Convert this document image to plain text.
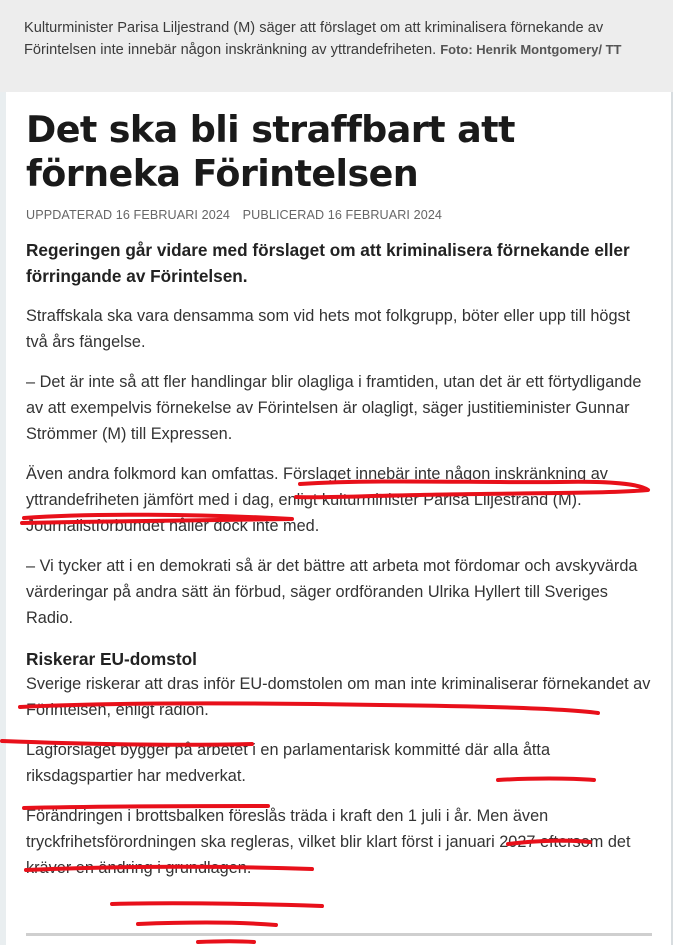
Kulturminister Parisa Liljestrand (M) säger att förslaget om att kriminalisera förnekande av Förintelsen inte innebär någon inskränkning av yttrandefriheten. Foto: Henrik Montgomery/ TT
Det ska bli straffbart att förneka Förintelsen
UPPDATERAD 16 FEBRUARI 2024 PUBLICERAD 16 FEBRUARI 2024

Regeringen går vidare med förslaget om att kriminalisera förnekande eller förringande av Förintelsen.

Straffskala ska vara densamma som vid hets mot folkgrupp, böter eller upp till högst två års fängelse.

– Det är inte så att fler handlingar blir olagliga i framtiden, utan det är ett förtydligande av att exempelvis förnekelse av Förintelsen är olagligt, säger justitieminister Gunnar Strömmer (M) till Expressen.

Även andra folkmord kan omfattas. Förslaget innebär inte någon inskränkning av yttrandefriheten jämfört med i dag, enligt kulturminister Parisa Liljestrand (M). Journalistförbundet håller dock inte med.

– Vi tycker att i en demokrati så är det bättre att arbeta mot fördomar och avskyvärda värderingar på andra sätt än förbud, säger ordföranden Ulrika Hyllert till Sveriges Radio.

Riskerar EU-domstol

Sverige riskerar att dras inför EU-domstolen om man inte kriminaliserar förnekandet av Förintelsen, enligt radion.

Lagförslaget bygger på arbetet i en parlamentarisk kommitté där alla åtta riksdagspartier har medverkat.

Förändringen i brottsbalken föreslås träda i kraft den 1 juli i år. Men även tryckfrihetsförordningen ska regleras, vilket blir klart först i januari 2027 eftersom det kräver en ändring i grundlagen.
